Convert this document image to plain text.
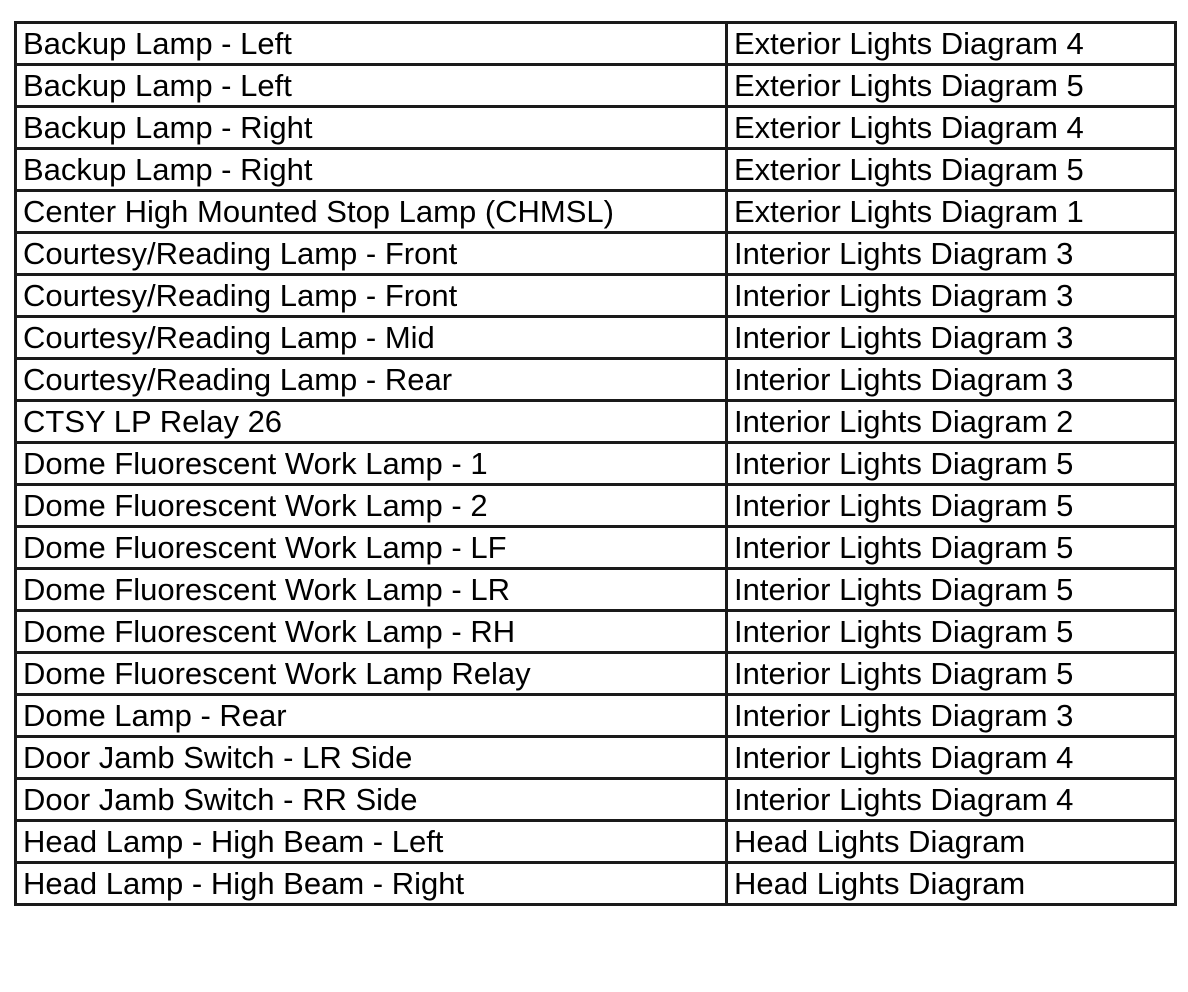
Backup Lamp - Left	Exterior Lights Diagram 4
Backup Lamp - Left	Exterior Lights Diagram 5
Backup Lamp - Right	Exterior Lights Diagram 4
Backup Lamp - Right	Exterior Lights Diagram 5
Center High Mounted Stop Lamp (CHMSL)	Exterior Lights Diagram 1
Courtesy/Reading Lamp - Front	Interior Lights Diagram 3
Courtesy/Reading Lamp - Front	Interior Lights Diagram 3
Courtesy/Reading Lamp - Mid	Interior Lights Diagram 3
Courtesy/Reading Lamp - Rear	Interior Lights Diagram 3
CTSY LP Relay 26	Interior Lights Diagram 2
Dome Fluorescent Work Lamp - 1	Interior Lights Diagram 5
Dome Fluorescent Work Lamp - 2	Interior Lights Diagram 5
Dome Fluorescent Work Lamp - LF	Interior Lights Diagram 5
Dome Fluorescent Work Lamp - LR	Interior Lights Diagram 5
Dome Fluorescent Work Lamp - RH	Interior Lights Diagram 5
Dome Fluorescent Work Lamp Relay	Interior Lights Diagram 5
Dome Lamp - Rear	Interior Lights Diagram 3
Door Jamb Switch - LR Side	Interior Lights Diagram 4
Door Jamb Switch - RR Side	Interior Lights Diagram 4
Head Lamp - High Beam - Left	Head Lights Diagram
Head Lamp - High Beam - Right	Head Lights Diagram
